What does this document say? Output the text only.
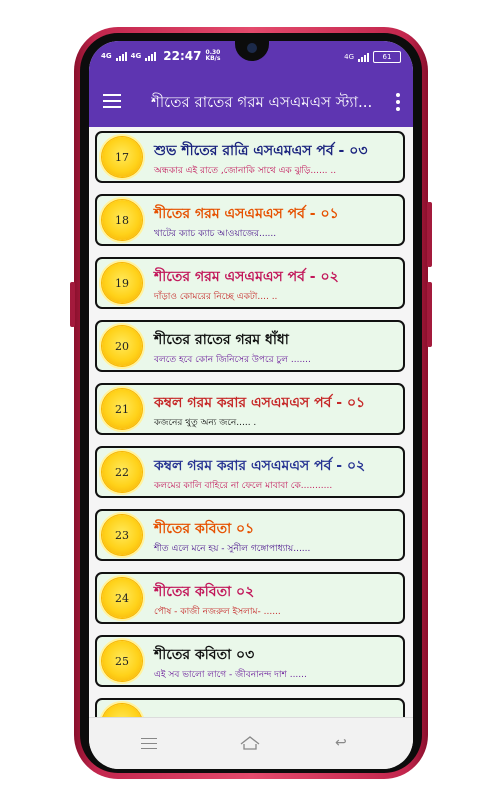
4G	4G 22:47 0.30
KB/s	4G	61
শীতের রাতের গরম এসএমএস স্ট্যা...
17	শুভ শীতের রাত্রি এসএমএস পর্ব - ০৩
অন্ধকার এই রাতে ,জোনাকি সাথে এক ঝুড়ি...... ..
18	শীতের গরম এসএমএস পর্ব - ০১
খাটের ক্যাচ ক্যাচ আওয়াজের......
19	শীতের গরম এসএমএস পর্ব - ০২
দাঁড়াও কোমরের নিচ্ছে একটা.... ..
20	শীতের রাতের গরম ধাঁধা
বলতে হবে কোন জিনিসের উপরে চুল .......
21	কম্বল গরম করার এসএমএস পর্ব - ০১
কজনের থুতু অন্য জনে..... .
22	কম্বল গরম করার এসএমএস পর্ব - ০২
কলমের কালি বাহিরে না ফেলে মাবাবা কে...........
23	শীতের কবিতা ০১
শীত এলে মনে হয় - সুনীল গঙ্গোপাধ্যায়......
24	শীতের কবিতা ০২
পৌষ - কাজী নজরুল ইসলাম- ......
25	শীতের কবিতা ০৩
এই সব ভালো লাগে - জীবনানন্দ দাশ ......
↩
